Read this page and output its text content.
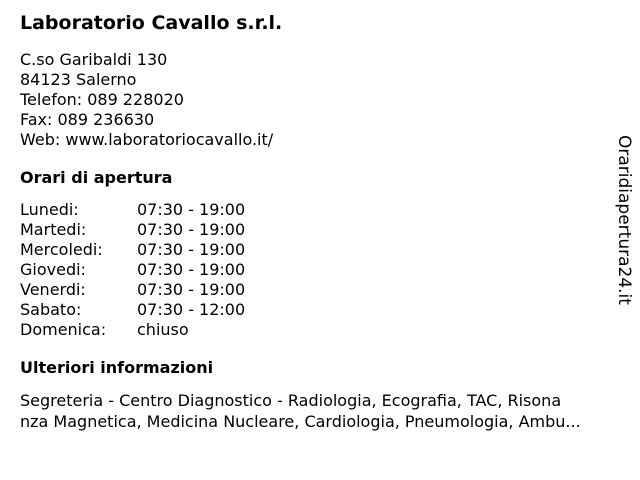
Laboratorio Cavallo s.r.l.
C.so Garibaldi 130
84123 Salerno
Telefon: 089 228020
Fax: 089 236630
Web: www.laboratoriocavallo.it/
Orari di apertura
Lunedi:	07:30 - 19:00
Martedi:	07:30 - 19:00
Mercoledi:	07:30 - 19:00
Giovedi:	07:30 - 19:00
Venerdi:	07:30 - 19:00
Sabato:	07:30 - 12:00
Domenica:	chiuso
Ulteriori informazioni
Segreteria - Centro Diagnostico - Radiologia, Ecografia, TAC, Risona
nza Magnetica, Medicina Nucleare, Cardiologia, Pneumologia, Ambu...
Oraridiapertura24.it
